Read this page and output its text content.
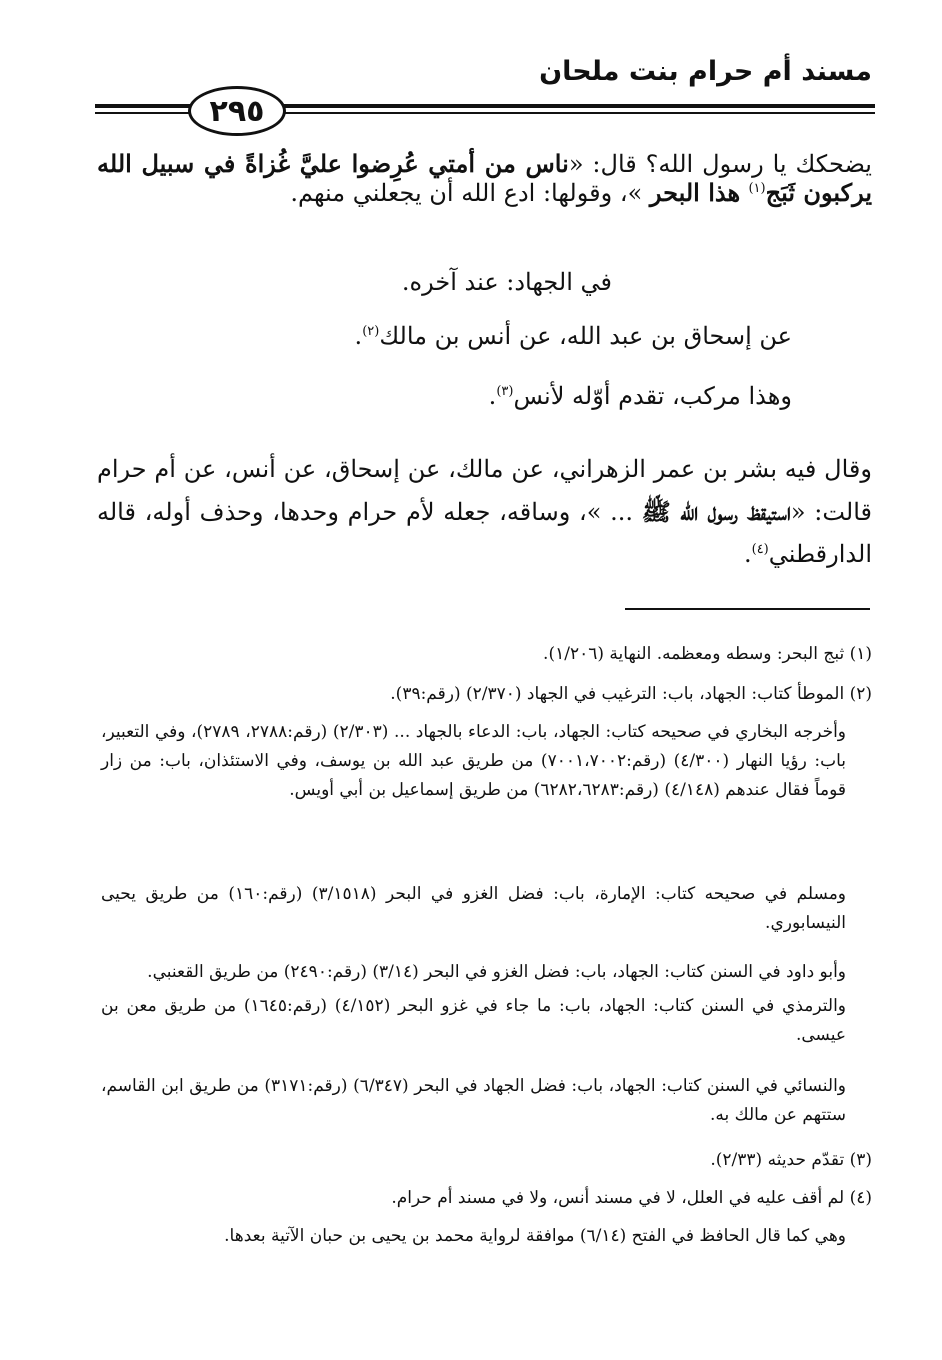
مسند أم حرام بنت ملحان
٢٩٥
يضحكك يا رسول الله؟ قال: «ناس من أمتي عُرِضوا عليَّ غُزاةً في سبيل الله يركبون ثَبَج$^{(١)}$ هذا البحر »، وقولها: ادع الله أن يجعلني منهم.
في الجهاد: عند آخره.
عن إسحاق بن عبد الله، عن أنس بن مالك$^{(٢)}$.
وهذا مركب، تقدم أوّله لأنس$^{(٣)}$.
وقال فيه بشر بن عمر الزهراني، عن مالك، عن إسحاق، عن أنس، عن أم حرام قالت: «استيقظ رسول الله ﷺ ... »، وساقه، جعله لأم حرام وحدها، وحذف أوله، قاله الدارقطني$^{(٤)}$.
(١) ثبج البحر: وسطه ومعظمه. النهاية (١/٢٠٦).
(٢) الموطأ كتاب: الجهاد، باب: الترغيب في الجهاد (٢/٣٧٠) (رقم:٣٩).
وأخرجه البخاري في صحيحه كتاب: الجهاد، باب: الدعاء بالجهاد ... (٢/٣٠٣) (رقم:٢٧٨٨، ٢٧٨٩)، وفي التعبير، باب: رؤيا النهار (٤/٣٠٠) (رقم:٧٠٠١،٧٠٠٢) من طريق عبد الله بن يوسف، وفي الاستئذان، باب: من زار قوماً فقال عندهم (٤/١٤٨) (رقم:٦٢٨٢،٦٢٨٣) من طريق إسماعيل بن أبي أويس.
ومسلم في صحيحه كتاب: الإمارة، باب: فضل الغزو في البحر (٣/١٥١٨) (رقم:١٦٠) من طريق يحيى النيسابوري.
وأبو داود في السنن كتاب: الجهاد، باب: فضل الغزو في البحر (٣/١٤) (رقم:٢٤٩٠) من طريق القعنبي.
والترمذي في السنن كتاب: الجهاد، باب: ما جاء في غزو البحر (٤/١٥٢) (رقم:١٦٤٥) من طريق معن بن عيسى.
والنسائي في السنن كتاب: الجهاد، باب: فضل الجهاد في البحر (٦/٣٤٧) (رقم:٣١٧١) من طريق ابن القاسم، ستتهم عن مالك به.
(٣) تقدّم حديثه (٢/٣٣).
(٤) لم أقف عليه في العلل، لا في مسند أنس، ولا في مسند أم حرام.
وهي كما قال الحافظ في الفتح (٦/١٤) موافقة لرواية محمد بن يحيى بن حبان الآتية بعدها.
